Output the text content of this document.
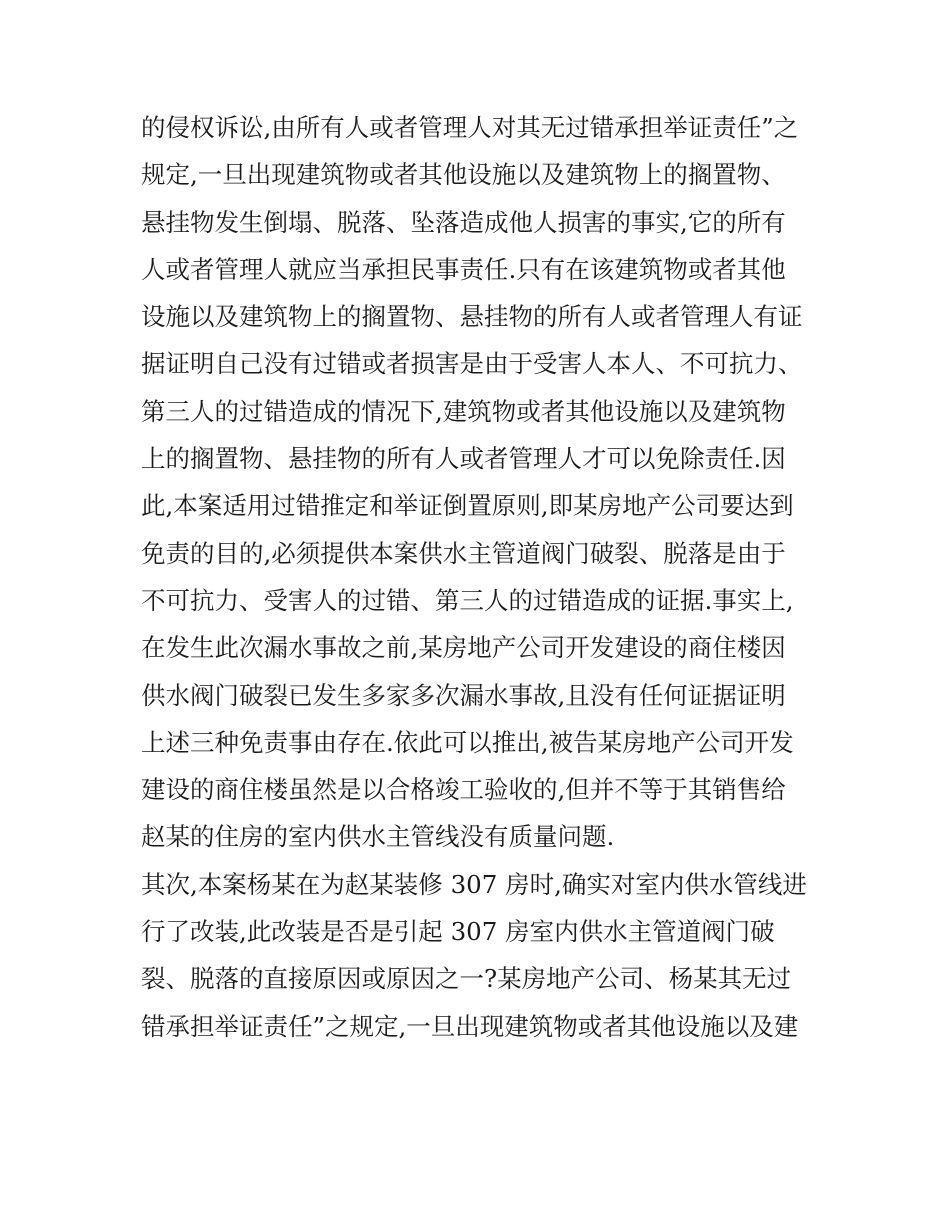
的侵权诉讼,由所有人或者管理人对其无过错承担举证责任”之
规定,一旦出现建筑物或者其他设施以及建筑物上的搁置物、
悬挂物发生倒塌、脱落、坠落造成他人损害的事实,它的所有
人或者管理人就应当承担民事责任.只有在该建筑物或者其他
设施以及建筑物上的搁置物、悬挂物的所有人或者管理人有证
据证明自己没有过错或者损害是由于受害人本人、不可抗力、
第三人的过错造成的情况下,建筑物或者其他设施以及建筑物
上的搁置物、悬挂物的所有人或者管理人才可以免除责任.因
此,本案适用过错推定和举证倒置原则,即某房地产公司要达到
免责的目的,必须提供本案供水主管道阀门破裂、脱落是由于
不可抗力、受害人的过错、第三人的过错造成的证据.事实上,
在发生此次漏水事故之前,某房地产公司开发建设的商住楼因
供水阀门破裂已发生多家多次漏水事故,且没有任何证据证明
上述三种免责事由存在.依此可以推出,被告某房地产公司开发
建设的商住楼虽然是以合格竣工验收的,但并不等于其销售给
赵某的住房的室内供水主管线没有质量问题.
其次,本案杨某在为赵某装修 307 房时,确实对室内供水管线进
行了改装,此改装是否是引起 307 房室内供水主管道阀门破
裂、脱落的直接原因或原因之一?某房地产公司、杨某其无过
错承担举证责任”之规定,一旦出现建筑物或者其他设施以及建
